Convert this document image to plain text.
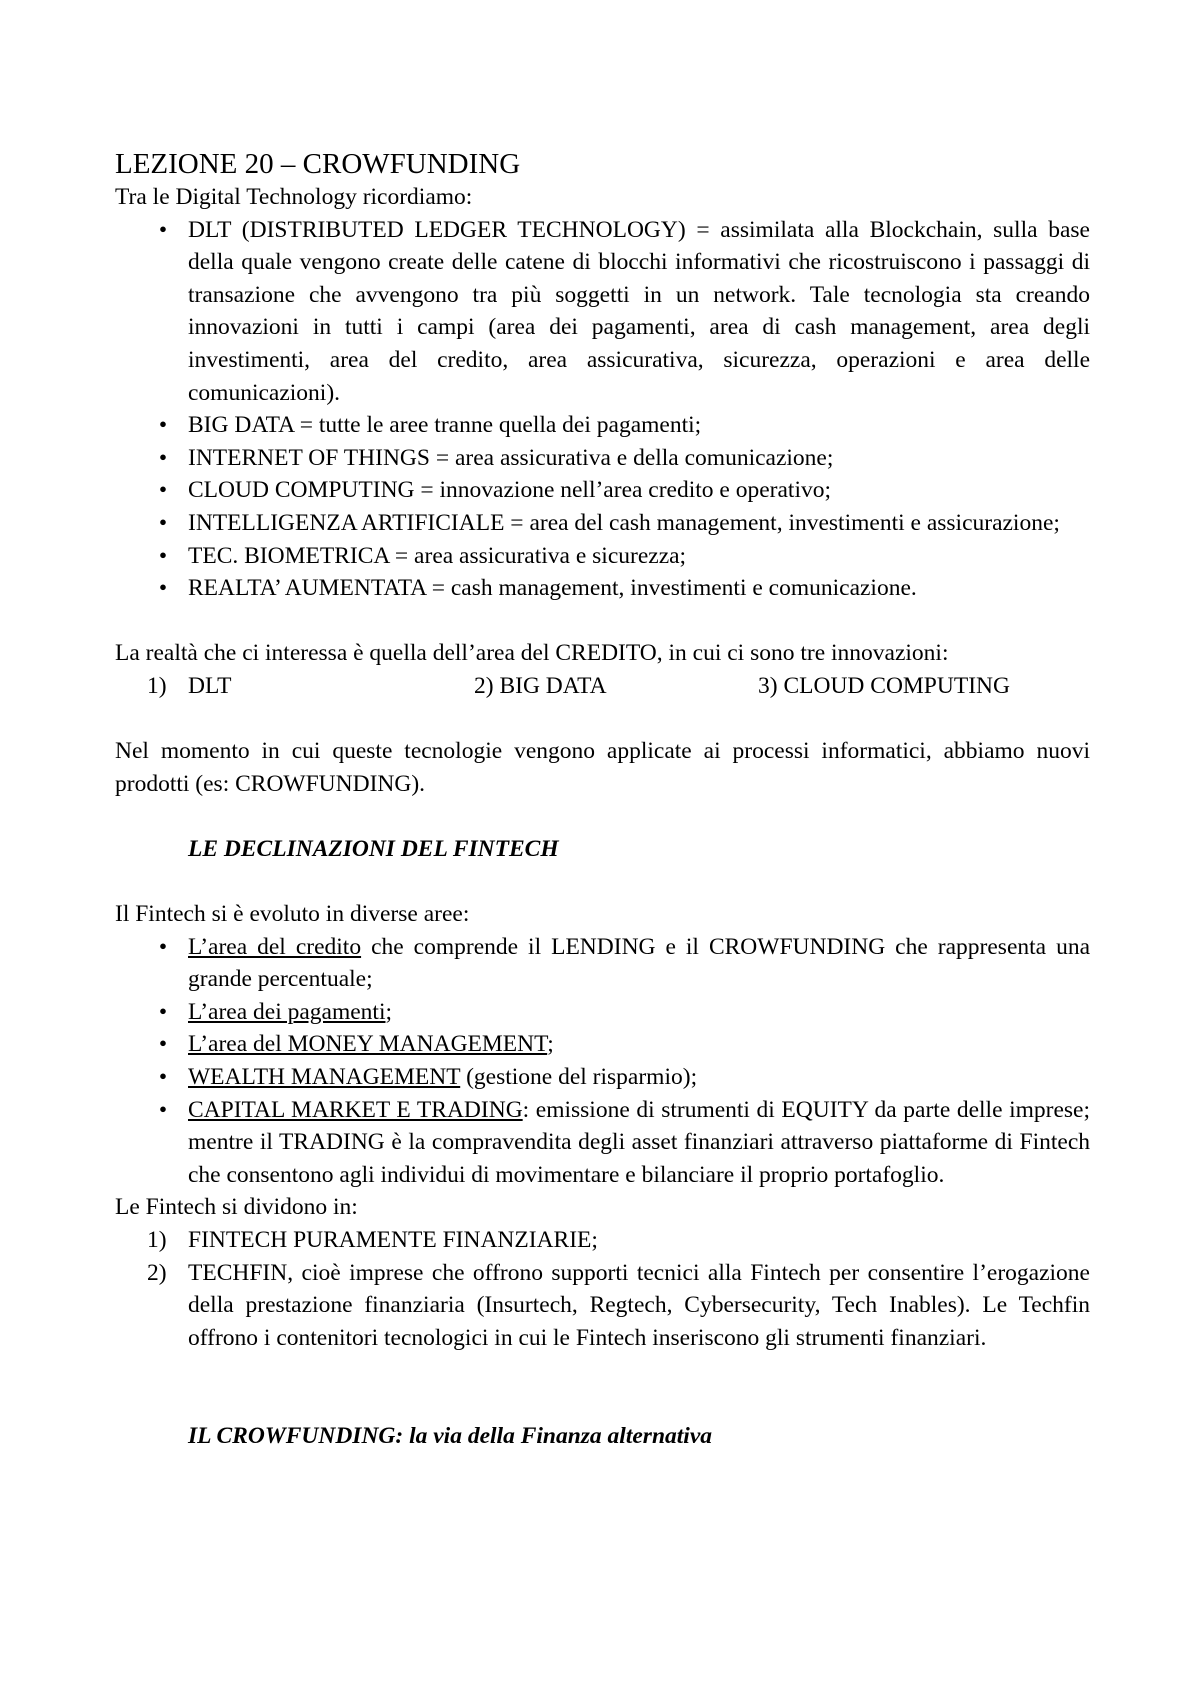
LEZIONE 20 – CROWFUNDING

Tra le Digital Technology ricordiamo:

• DLT (DISTRIBUTED LEDGER TECHNOLOGY) = assimilata alla Blockchain, sulla base della quale vengono create delle catene di blocchi informativi che ricostruiscono i passaggi di transazione che avvengono tra più soggetti in un network. Tale tecnologia sta creando innovazioni in tutti i campi (area dei pagamenti, area di cash management, area degli investimenti, area del credito, area assicurativa, sicurezza, operazioni e area delle comunicazioni).
• BIG DATA = tutte le aree tranne quella dei pagamenti;
• INTERNET OF THINGS = area assicurativa e della comunicazione;
• CLOUD COMPUTING = innovazione nell’area credito e operativo;
• INTELLIGENZA ARTIFICIALE = area del cash management, investimenti e assicurazione;
• TEC. BIOMETRICA = area assicurativa e sicurezza;
• REALTA’ AUMENTATA = cash management, investimenti e comunicazione.

La realtà che ci interessa è quella dell’area del CREDITO, in cui ci sono tre innovazioni:

1) DLT	2) BIG DATA	3) CLOUD COMPUTING

Nel momento in cui queste tecnologie vengono applicate ai processi informatici, abbiamo nuovi prodotti (es: CROWFUNDING).

LE DECLINAZIONI DEL FINTECH

Il Fintech si è evoluto in diverse aree:

• L’area del credito che comprende il LENDING e il CROWFUNDING che rappresenta una grande percentuale;
• L’area dei pagamenti;
• L’area del MONEY MANAGEMENT;
• WEALTH MANAGEMENT (gestione del risparmio);
• CAPITAL MARKET E TRADING: emissione di strumenti di EQUITY da parte delle imprese; mentre il TRADING è la compravendita degli asset finanziari attraverso piattaforme di Fintech che consentono agli individui di movimentare e bilanciare il proprio portafoglio.

Le Fintech si dividono in:

1) FINTECH PURAMENTE FINANZIARIE;
2) TECHFIN, cioè imprese che offrono supporti tecnici alla Fintech per consentire l’erogazione della prestazione finanziaria (Insurtech, Regtech, Cybersecurity, Tech Inables). Le Techfin offrono i contenitori tecnologici in cui le Fintech inseriscono gli strumenti finanziari.

IL CROWFUNDING: la via della Finanza alternativa
